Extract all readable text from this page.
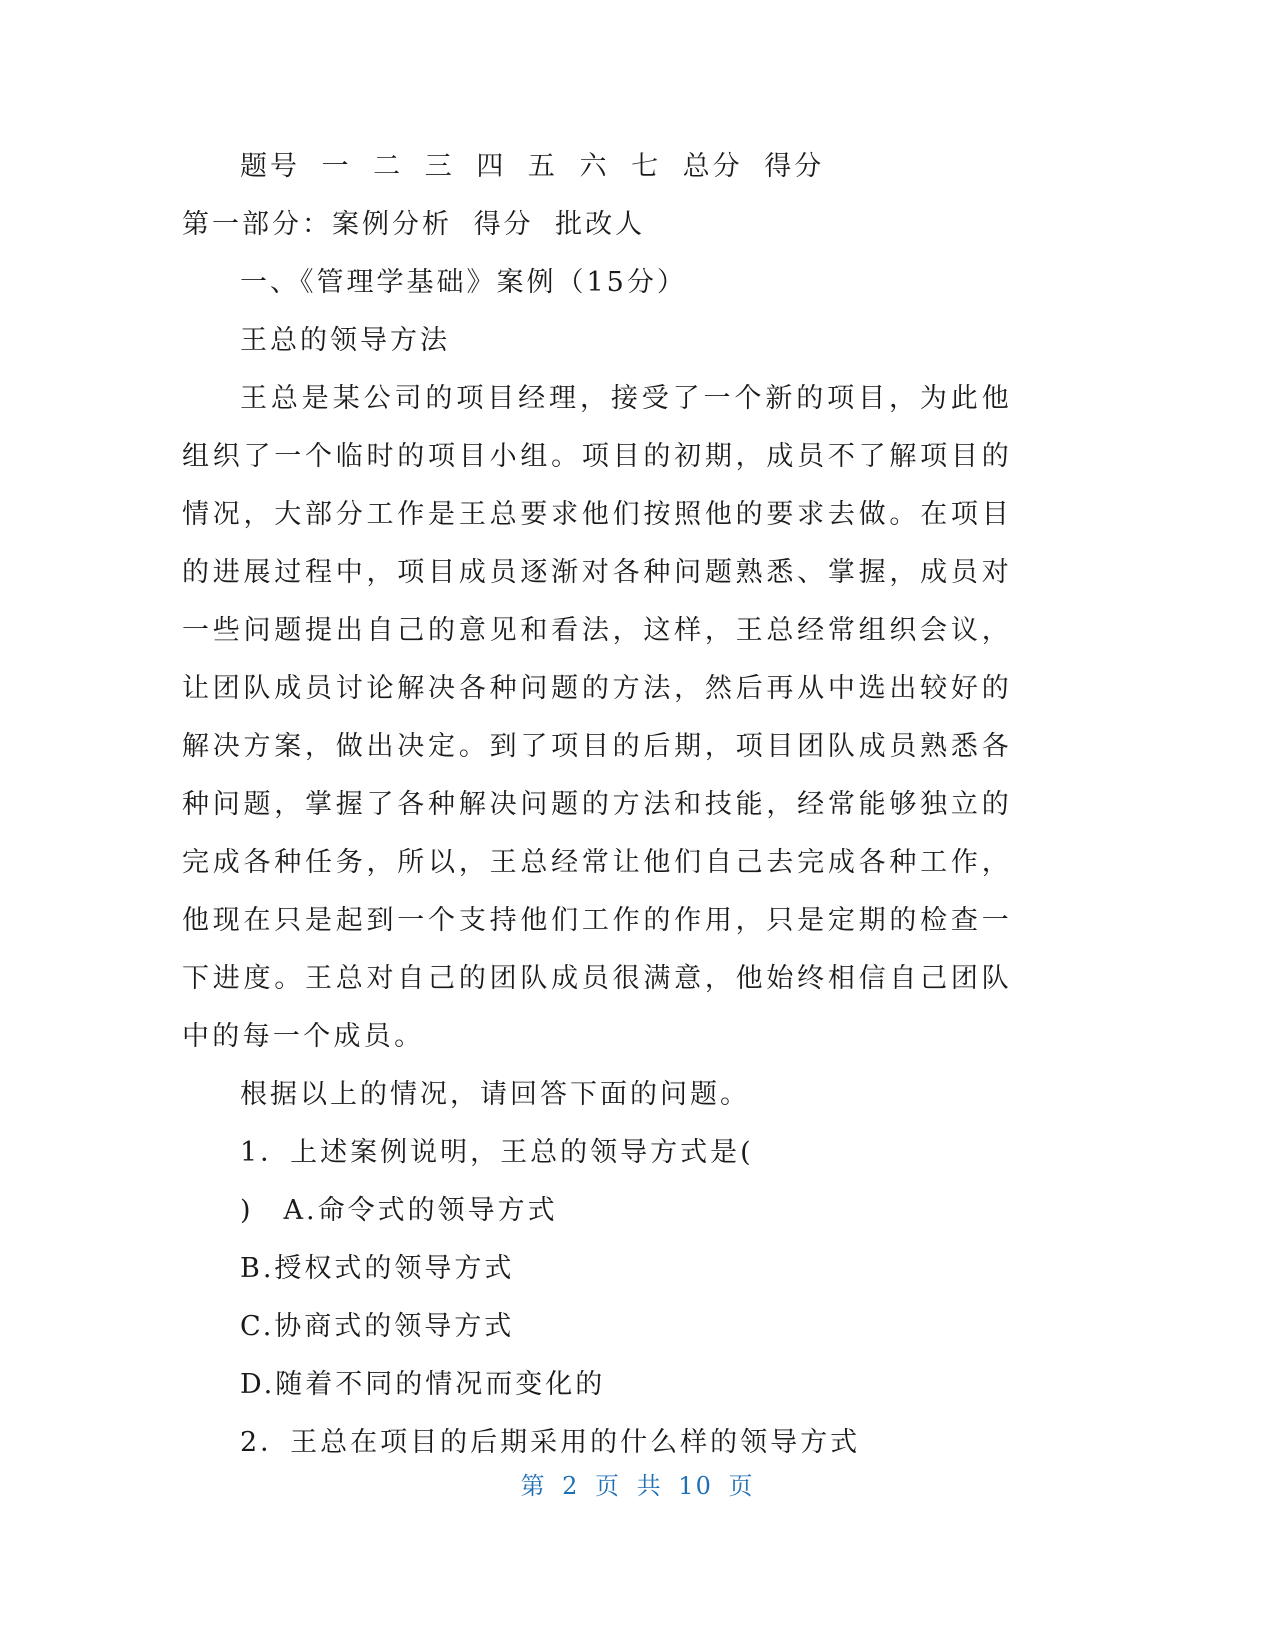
题号 一 二 三 四 五 六 七 总分 得分
第一部分：案例分析 得分 批改人
一、《管理学基础》案例（15分）
王总的领导方法
王总是某公司的项目经理，接受了一个新的项目，为此他组织了一个临时的项目小组。项目的初期，成员不了解项目的情况，大部分工作是王总要求他们按照他的要求去做。在项目的进展过程中，项目成员逐渐对各种问题熟悉、掌握，成员对一些问题提出自己的意见和看法，这样，王总经常组织会议，让团队成员讨论解决各种问题的方法，然后再从中选出较好的解决方案，做出决定。到了项目的后期，项目团队成员熟悉各种问题，掌握了各种解决问题的方法和技能，经常能够独立的完成各种任务，所以，王总经常让他们自己去完成各种工作，他现在只是起到一个支持他们工作的作用，只是定期的检查一下进度。王总对自己的团队成员很满意，他始终相信自己团队中的每一个成员。
根据以上的情况，请回答下面的问题。
1．上述案例说明，王总的领导方式是(
)　A.命令式的领导方式
B.授权式的领导方式
C.协商式的领导方式
D.随着不同的情况而变化的
2．王总在项目的后期采用的什么样的领导方式
第 2 页 共 10 页
